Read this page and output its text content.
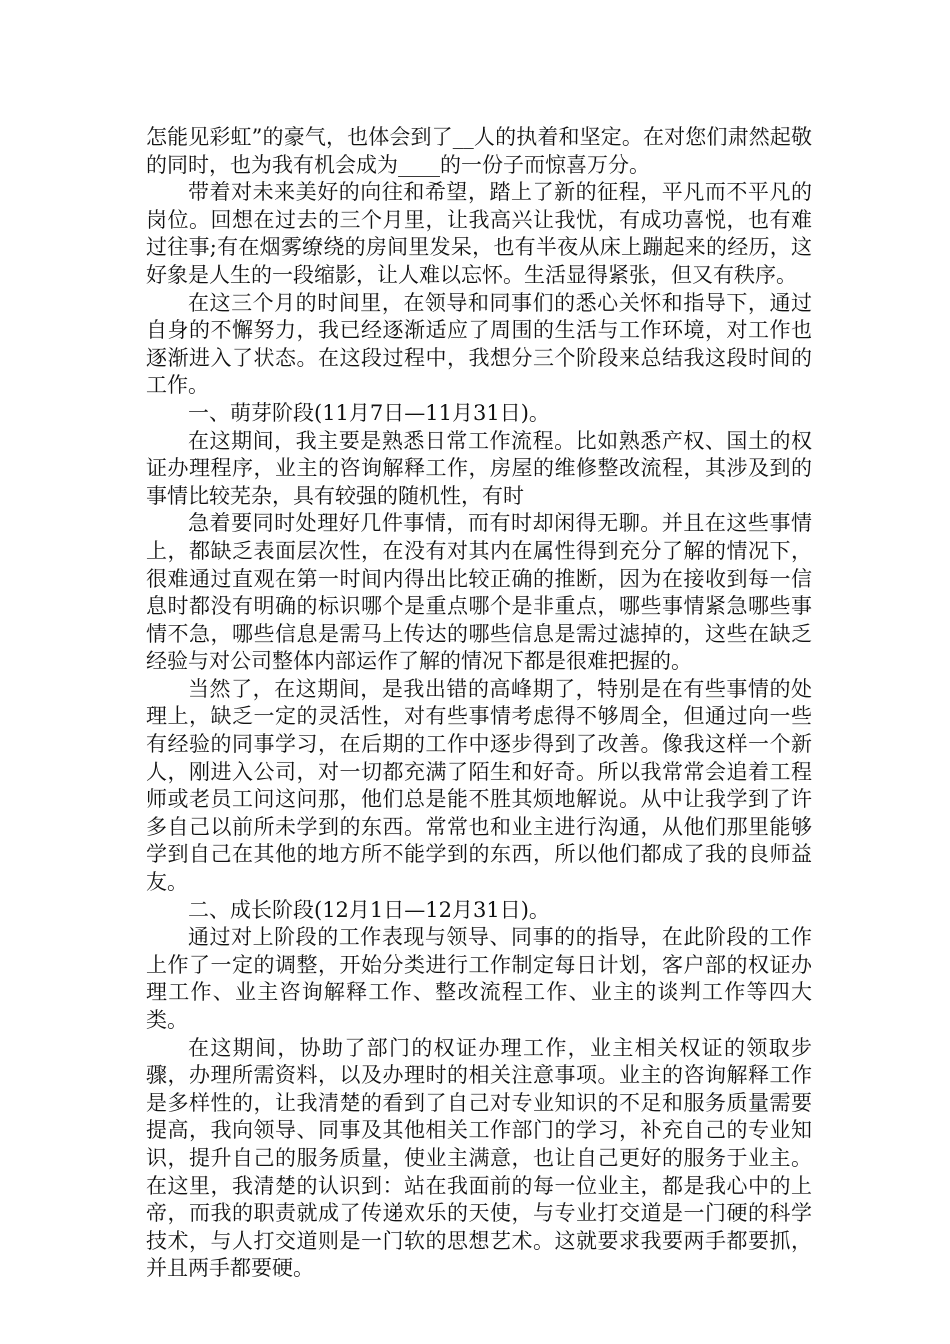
怎能见彩虹”的豪气，也体会到了__人的执着和坚定。在对您们肃然起敬的同时，也为我有机会成为____的一份子而惊喜万分。

带着对未来美好的向往和希望，踏上了新的征程，平凡而不平凡的岗位。回想在过去的三个月里，让我高兴让我忧，有成功喜悦，也有难过往事;有在烟雾缭绕的房间里发呆，也有半夜从床上蹦起来的经历，这好象是人生的一段缩影，让人难以忘怀。生活显得紧张，但又有秩序。

在这三个月的时间里，在领导和同事们的悉心关怀和指导下，通过自身的不懈努力，我已经逐渐适应了周围的生活与工作环境，对工作也逐渐进入了状态。在这段过程中，我想分三个阶段来总结我这段时间的工作。

一、萌芽阶段(11月7日—11月31日)。

在这期间，我主要是熟悉日常工作流程。比如熟悉产权、国土的权证办理程序，业主的咨询解释工作，房屋的维修整改流程，其涉及到的事情比较芜杂，具有较强的随机性，有时

急着要同时处理好几件事情，而有时却闲得无聊。并且在这些事情上，都缺乏表面层次性，在没有对其内在属性得到充分了解的情况下，很难通过直观在第一时间内得出比较正确的推断，因为在接收到每一信息时都没有明确的标识哪个是重点哪个是非重点，哪些事情紧急哪些事情不急，哪些信息是需马上传达的哪些信息是需过滤掉的，这些在缺乏经验与对公司整体内部运作了解的情况下都是很难把握的。

当然了，在这期间，是我出错的高峰期了，特别是在有些事情的处理上，缺乏一定的灵活性，对有些事情考虑得不够周全，但通过向一些有经验的同事学习，在后期的工作中逐步得到了改善。像我这样一个新人，刚进入公司，对一切都充满了陌生和好奇。所以我常常会追着工程师或老员工问这问那，他们总是能不胜其烦地解说。从中让我学到了许多自己以前所未学到的东西。常常也和业主进行沟通，从他们那里能够学到自己在其他的地方所不能学到的东西，所以他们都成了我的良师益友。

二、成长阶段(12月1日—12月31日)。

通过对上阶段的工作表现与领导、同事的的指导，在此阶段的工作上作了一定的调整，开始分类进行工作制定每日计划，客户部的权证办理工作、业主咨询解释工作、整改流程工作、业主的谈判工作等四大类。

在这期间，协助了部门的权证办理工作，业主相关权证的领取步骤，办理所需资料，以及办理时的相关注意事项。业主的咨询解释工作是多样性的，让我清楚的看到了自己对专业知识的不足和服务质量需要提高，我向领导、同事及其他相关工作部门的学习，补充自己的专业知识，提升自己的服务质量，使业主满意，也让自己更好的服务于业主。在这里，我清楚的认识到：站在我面前的每一位业主，都是我心中的上帝，而我的职责就成了传递欢乐的天使，与专业打交道是一门硬的科学技术，与人打交道则是一门软的思想艺术。这就要求我要两手都要抓，并且两手都要硬。
